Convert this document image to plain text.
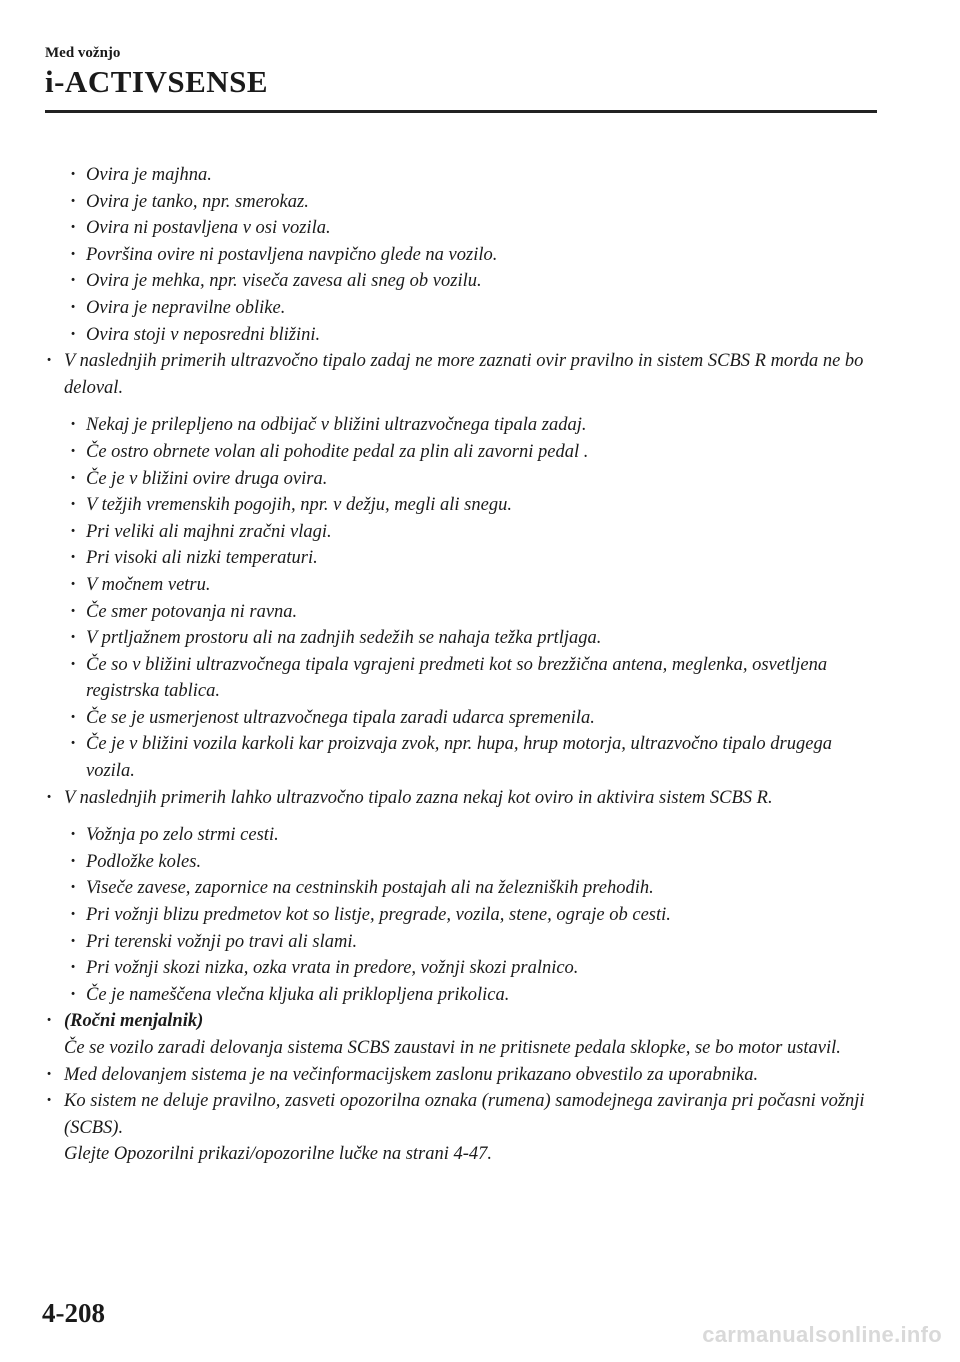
Med vožnjo

i-ACTIVSENSE

· Ovira je majhna.

· Ovira je tanko, npr. smerokaz.

· Ovira ni postavljena v osi vozila.

· Površina ovire ni postavljena navpično glede na vozilo.

· Ovira je mehka, npr. viseča zavesa ali sneg ob vozilu.

· Ovira je nepravilne oblike.

· Ovira stoji v neposredni bližini.

· V naslednjih primerih ultrazvočno tipalo zadaj ne more zaznati ovir pravilno in sistem SCBS R morda ne bo deloval.

· Nekaj je prilepljeno na odbijač v bližini ultrazvočnega tipala zadaj.

· Če ostro obrnete volan ali pohodite pedal za plin ali zavorni pedal .

· Če je v bližini ovire druga ovira.

· V težjih vremenskih pogojih, npr. v dežju, megli ali snegu.

· Pri veliki ali majhni zračni vlagi.

· Pri visoki ali nizki temperaturi.

· V močnem vetru.

· Če smer potovanja ni ravna.

· V prtljažnem prostoru ali na zadnjih sedežih se nahaja težka prtljaga.

· Če so v bližini ultrazvočnega tipala vgrajeni predmeti kot so brezžična antena, meglenka, osvetljena registrska tablica.

· Če se je usmerjenost ultrazvočnega tipala zaradi udarca spremenila.

· Če je v bližini vozila karkoli kar proizvaja zvok, npr. hupa, hrup motorja, ultrazvočno tipalo drugega vozila.

· V naslednjih primerih lahko ultrazvočno tipalo zazna nekaj kot oviro in aktivira sistem SCBS R.

· Vožnja po zelo strmi cesti.

· Podložke koles.

· Viseče zavese, zapornice na cestninskih postajah ali na železniških prehodih.

· Pri vožnji blizu predmetov kot so listje, pregrade, vozila, stene, ograje ob cesti.

· Pri terenski vožnji po travi ali slami.

· Pri vožnji skozi nizka, ozka vrata in predore, vožnji skozi pralnico.

· Če je nameščena vlečna kljuka ali priklopljena prikolica.

· (Ročni menjalnik)
Če se vozilo zaradi delovanja sistema SCBS zaustavi in ne pritisnete pedala sklopke, se bo motor ustavil.

· Med delovanjem sistema je na večinformacijskem zaslonu prikazano obvestilo za uporabnika.

· Ko sistem ne deluje pravilno, zasveti opozorilna oznaka (rumena) samodejnega zaviranja pri počasni vožnji (SCBS).
Glejte Opozorilni prikazi/opozorilne lučke na strani 4-47.

4-208
carmanualsonline.info
